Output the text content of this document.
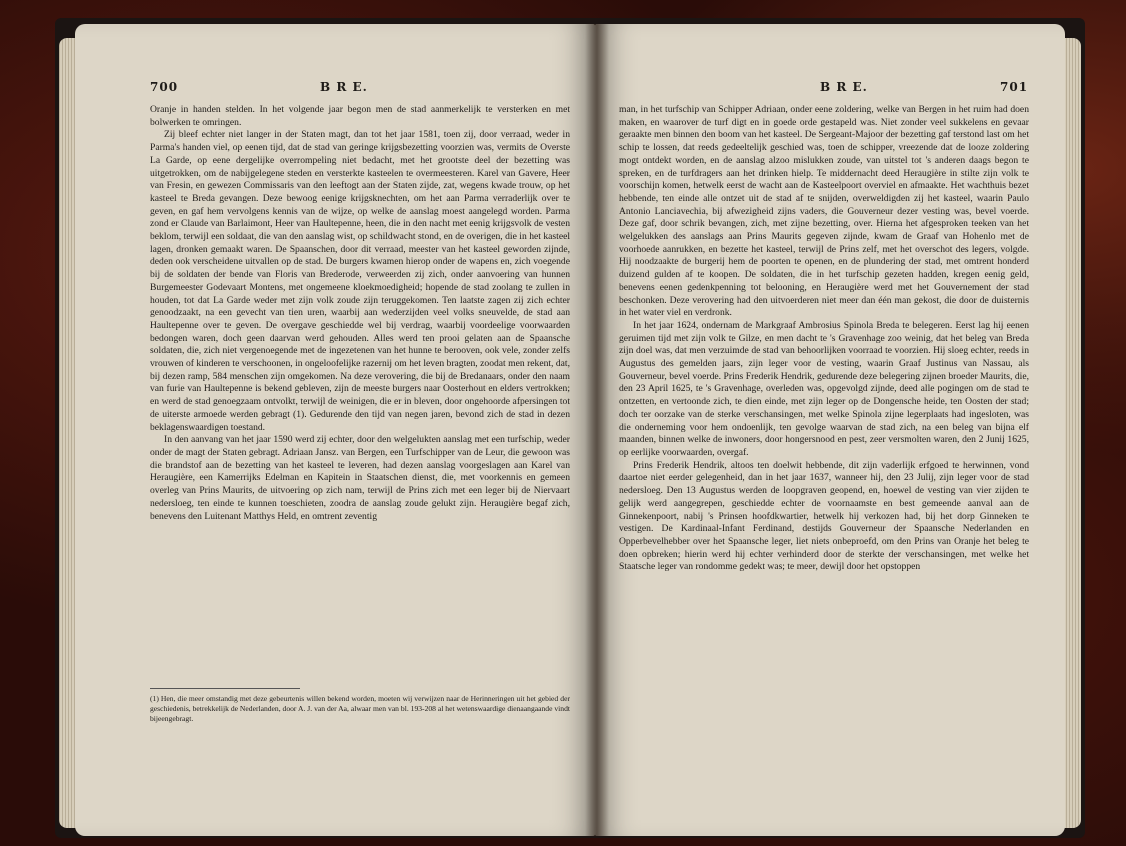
700	B R E.

Oranje in handen stelden. In het volgende jaar begon men de stad aanmerkelijk te versterken en met bolwerken te omringen.

Zij bleef echter niet langer in der Staten magt, dan tot het jaar 1581, toen zij, door verraad, weder in Parma's handen viel, op eenen tijd, dat de stad van geringe krijgsbezetting voorzien was, vermits de Overste La Garde, op eene dergelijke overrompeling niet bedacht, met het grootste deel der bezetting was uitgetrokken, om de nabijgelegene steden en versterkte kasteelen te overmeesteren. Karel van Gavere, Heer van Fresin, en gewezen Commissaris van den leeftogt aan der Staten zijde, zat, wegens kwade trouw, op het kasteel te Breda gevangen. Deze bewoog eenige krijgsknechten, om het aan Parma verraderlijk over te geven, en gaf hem vervolgens kennis van de wijze, op welke de aanslag moest aangelegd worden. Parma zond er Claude van Barlaimont, Heer van Haultepenne, heen, die in den nacht met eenig krijgsvolk de vesten beklom, terwijl een soldaat, die van den aanslag wist, op schildwacht stond, en de overigen, die in het kasteel lagen, dronken gemaakt waren. De Spaanschen, door dit verraad, meester van het kasteel geworden zijnde, deden ook verscheidene uitvallen op de stad. De burgers kwamen hierop onder de wapens en, zich voegende bij de soldaten der bende van Floris van Brederode, verweerden zij zich, onder aanvoering van hunnen Burgemeester Godevaart Montens, met ongemeene kloekmoedigheid; hopende de stad zoolang te zullen in houden, tot dat La Garde weder met zijn volk zoude zijn teruggekomen. Ten laatste zagen zij zich echter genoodzaakt, na een gevecht van tien uren, waarbij aan wederzijden veel volks sneuvelde, de stad aan Haultepenne over te geven. De overgave geschiedde wel bij verdrag, waarbij voordeelige voorwaarden bedongen waren, doch geen daarvan werd gehouden. Alles werd ten prooi gelaten aan de Spaansche soldaten, die, zich niet vergenoegende met de ingezetenen van het hunne te berooven, ook vele, zonder zelfs vrouwen of kinderen te verschoonen, in ongeloofelijke razernij om het leven bragten, zoodat men rekent, dat, bij dezen ramp, 584 menschen zijn omgekomen. Na deze verovering, die bij de Bredanaars, onder den naam van furie van Haultepenne is bekend gebleven, zijn de meeste burgers naar Oosterhout en elders vertrokken; en werd de stad genoegzaam ontvolkt, terwijl de weinigen, die er in bleven, door ongehoorde afpersingen tot de uiterste armoede werden gebragt (1). Gedurende den tijd van negen jaren, bevond zich de stad in dezen beklagenswaardigen toestand.

In den aanvang van het jaar 1590 werd zij echter, door den welgelukten aanslag met een turfschip, weder onder de magt der Staten gebragt. Adriaan Jansz. van Bergen, een Turfschipper van de Leur, die gewoon was die brandstof aan de bezetting van het kasteel te leveren, had dezen aanslag voorgeslagen aan Karel van Heraugière, een Kamerrijks Edelman en Kapitein in Staatschen dienst, die, met voorkennis en gemeen overleg van Prins Maurits, de uitvoering op zich nam, terwijl de Prins zich met een leger bij de Niervaart nedersloeg, ten einde te kunnen toeschieten, zoodra de aanslag zoude gelukt zijn. Heraugière begaf zich, benevens den Luitenant Matthys Held, en omtrent zeventig

(1) Hen, die meer omstandig met deze gebeurtenis willen bekend worden, moeten wij verwijzen naar de Herinneringen uit het gebied der geschiedenis, betrekkelijk de Nederlanden, door A. J. van der Aa, alwaar men van bl. 193-208 al het wetenswaardige dienaangaande vindt bijeengebragt.
B R E.	701

man, in het turfschip van Schipper Adriaan, onder eene zoldering, welke van Bergen in het ruim had doen maken, en waarover de turf digt en in goede orde gestapeld was. Niet zonder veel sukkelens en gevaar geraakte men binnen den boom van het kasteel. De Sergeant-Majoor der bezetting gaf terstond last om het schip te lossen, dat reeds gedeeltelijk geschied was, toen de schipper, vreezende dat de looze zoldering mogt ontdekt worden, en de aanslag alzoo mislukken zoude, van uitstel tot 's anderen daags begon te spreken, en de turfdragers aan het drinken hielp. Te middernacht deed Heraugière in stilte zijn volk te voorschijn komen, hetwelk eerst de wacht aan de Kasteelpoort overviel en afmaakte. Het wachthuis bezet hebbende, ten einde alle ontzet uit de stad af te snijden, overweldigden zij het kasteel, waarin Paulo Antonio Lanciavechia, bij afwezigheid zijns vaders, die Gouverneur dezer vesting was, bevel voerde. Deze gaf, door schrik bevangen, zich, met zijne bezetting, over. Hierna het afgesproken teeken van het welgelukken des aanslags aan Prins Maurits gegeven zijnde, kwam de Graaf van Hohenlo met de voorhoede aanrukken, en bezette het kasteel, terwijl de Prins zelf, met het overschot des legers, volgde. Hij noodzaakte de burgerij hem de poorten te openen, en de plundering der stad, met omtrent honderd duizend gulden af te koopen. De soldaten, die in het turfschip gezeten hadden, kregen eenig geld, benevens eenen gedenkpenning tot belooning, en Heraugière werd met het Gouvernement der stad beschonken. Deze verovering had den uitvoerderen niet meer dan één man gekost, die door de duisternis in het water viel en verdronk.

In het jaar 1624, ondernam de Markgraaf Ambrosius Spinola Breda te belegeren. Eerst lag hij eenen geruimen tijd met zijn volk te Gilze, en men dacht te 's Gravenhage zoo weinig, dat het beleg van Breda zijn doel was, dat men verzuimde de stad van behoorlijken voorraad te voorzien. Hij sloeg echter, reeds in Augustus des gemelden jaars, zijn leger voor de vesting, waarin Graaf Justinus van Nassau, als Gouverneur, bevel voerde. Prins Frederik Hendrik, gedurende deze belegering zijnen broeder Maurits, die, den 23 April 1625, te 's Gravenhage, overleden was, opgevolgd zijnde, deed alle pogingen om de stad te ontzetten, en vertoonde zich, te dien einde, met zijn leger op de Dongensche heide, ten Oosten der stad; doch ter oorzake van de sterke verschansingen, met welke Spinola zijne legerplaats had ingesloten, was die onderneming voor hem ondoenlijk, ten gevolge waarvan de stad zich, na een beleg van bijna elf maanden, binnen welke de inwoners, door hongersnood en pest, zeer versmolten waren, den 2 Junij 1625, op eerlijke voorwaarden, overgaf.

Prins Frederik Hendrik, altoos ten doelwit hebbende, dit zijn vaderlijk erfgoed te herwinnen, vond daartoe niet eerder gelegenheid, dan in het jaar 1637, wanneer hij, den 23 Julij, zijn leger voor de stad nedersloeg. Den 13 Augustus werden de loopgraven geopend, en, hoewel de vesting van vier zijden te gelijk werd aangegrepen, geschiedde echter de voornaamste en best gemeende aanval aan de Ginnekenpoort, nabij 's Prinsen hoofdkwartier, hetwelk hij verkozen had, bij het dorp Ginneken te vestigen. De Kardinaal-Infant Ferdinand, destijds Gouverneur der Spaansche Nederlanden en Opperbevelhebber over het Spaansche leger, liet niets onbeproefd, om den Prins van Oranje het beleg te doen opbreken; hierin werd hij echter verhinderd door de sterkte der verschansingen, met welke het Staatsche leger van rondomme gedekt was; te meer, dewijl door het opstoppen
